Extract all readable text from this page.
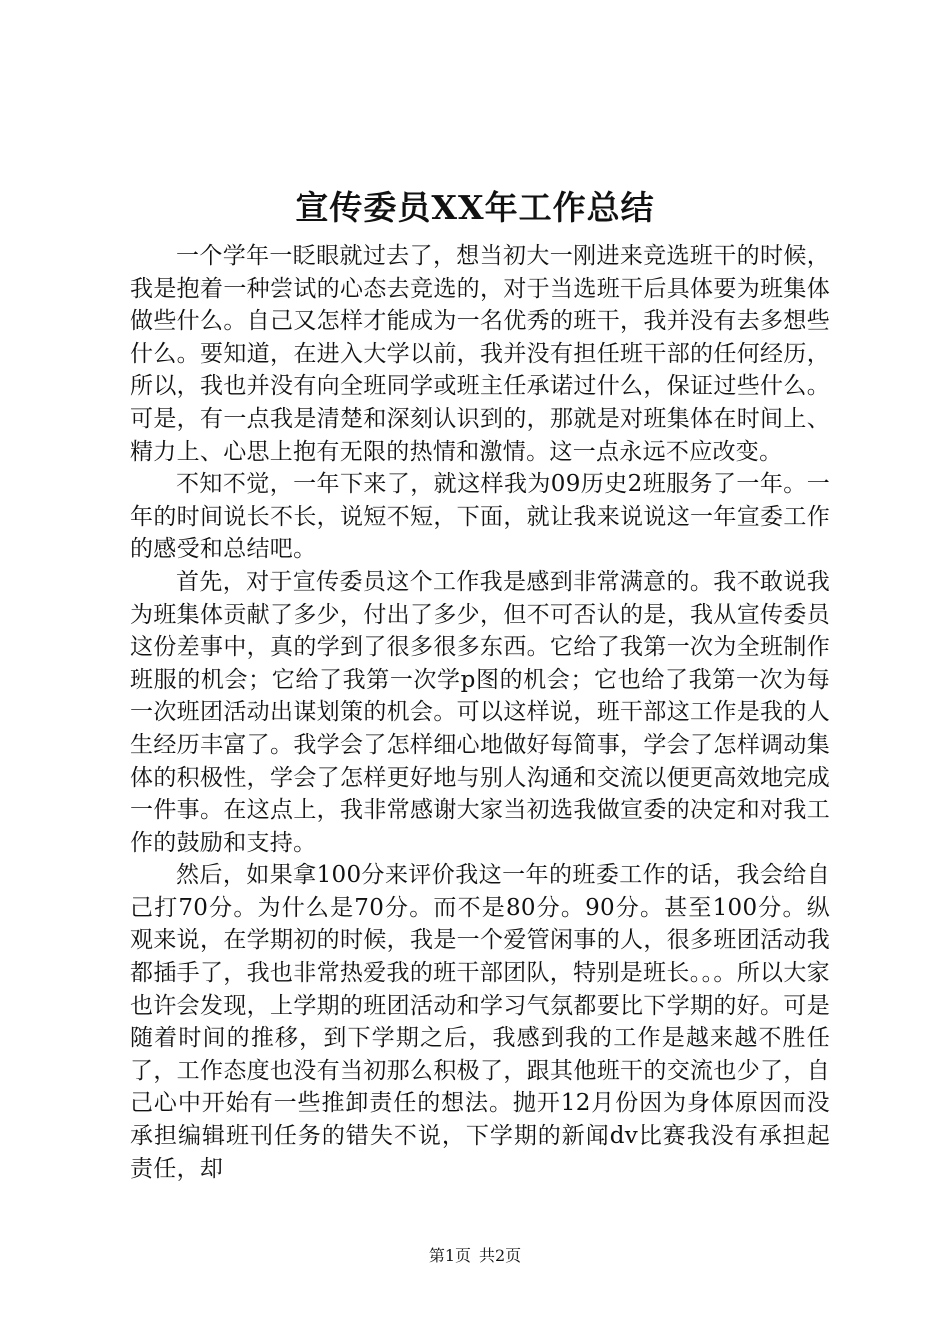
宣传委员XX年工作总结

一个学年一眨眼就过去了，想当初大一刚进来竞选班干的时候，我是抱着一种尝试的心态去竞选的，对于当选班干后具体要为班集体做些什么。自己又怎样才能成为一名优秀的班干，我并没有去多想些什么。要知道，在进入大学以前，我并没有担任班干部的任何经历，所以，我也并没有向全班同学或班主任承诺过什么，保证过些什么。可是，有一点我是清楚和深刻认识到的，那就是对班集体在时间上、精力上、心思上抱有无限的热情和激情。这一点永远不应改变。

不知不觉，一年下来了，就这样我为09历史2班服务了一年。一年的时间说长不长，说短不短，下面，就让我来说说这一年宣委工作的感受和总结吧。

首先，对于宣传委员这个工作我是感到非常满意的。我不敢说我为班集体贡献了多少，付出了多少，但不可否认的是，我从宣传委员这份差事中，真的学到了很多很多东西。它给了我第一次为全班制作班服的机会；它给了我第一次学p图的机会；它也给了我第一次为每一次班团活动出谋划策的机会。可以这样说，班干部这工作是我的人生经历丰富了。我学会了怎样细心地做好每简事，学会了怎样调动集体的积极性，学会了怎样更好地与别人沟通和交流以便更高效地完成一件事。在这点上，我非常感谢大家当初选我做宣委的决定和对我工作的鼓励和支持。

然后，如果拿100分来评价我这一年的班委工作的话，我会给自己打70分。为什么是70分。而不是80分。90分。甚至100分。纵观来说，在学期初的时候，我是一个爱管闲事的人，很多班团活动我都插手了，我也非常热爱我的班干部团队，特别是班长。。。所以大家也许会发现，上学期的班团活动和学习气氛都要比下学期的好。可是随着时间的推移，到下学期之后，我感到我的工作是越来越不胜任了，工作态度也没有当初那么积极了，跟其他班干的交流也少了，自己心中开始有一些推卸责任的想法。抛开12月份因为身体原因而没承担编辑班刊任务的错失不说，下学期的新闻dv比赛我没有承担起责任，却

第1页 共2页
